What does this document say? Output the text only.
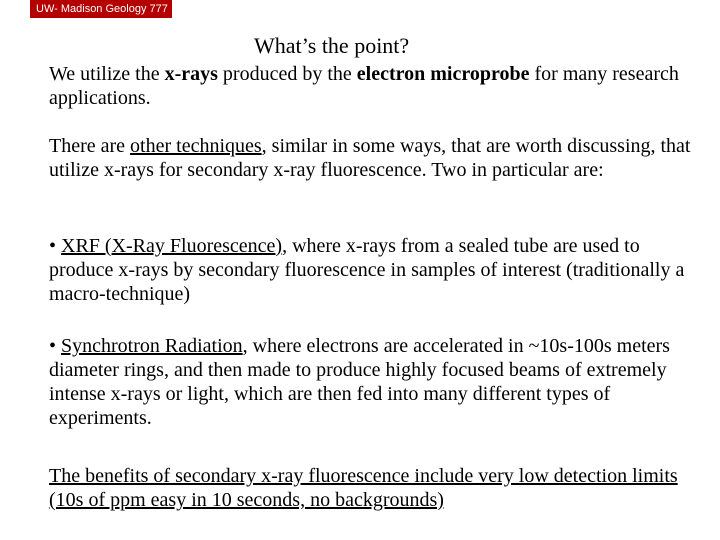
UW- Madison Geology 777
What’s the point?

We utilize the x-rays produced by the electron microprobe for many research applications.

There are other techniques, similar in some ways, that are worth discussing, that utilize x-rays for secondary x-ray fluorescence. Two in particular are:

• XRF (X-Ray Fluorescence), where x-rays from a sealed tube are used to produce x-rays by secondary fluorescence in samples of interest (traditionally a macro-technique)

• Synchrotron Radiation, where electrons are accelerated in ~10s-100s meters diameter rings, and then made to produce highly focused beams of extremely intense x-rays or light, which are then fed into many different types of experiments.

The benefits of secondary x-ray fluorescence include very low detection limits (10s of ppm easy in 10 seconds, no backgrounds)
